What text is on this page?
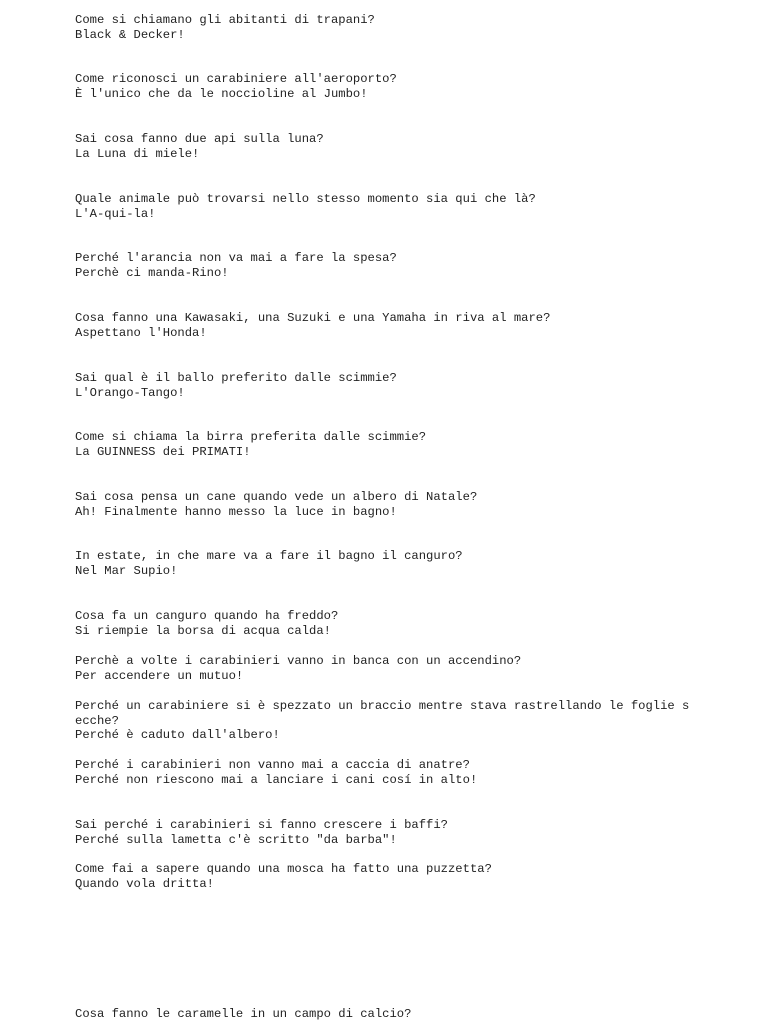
Come si chiamano gli abitanti di trapani?

Black & Decker!

Come riconosci un carabiniere all'aeroporto?

È l'unico che da le noccioline al Jumbo!

Sai cosa fanno due api sulla luna?

La Luna di miele!

Quale animale può trovarsi nello stesso momento sia qui che là?

L'A-qui-la!

Perché l'arancia non va mai a fare la spesa?

Perchè ci manda-Rino!

Cosa fanno una Kawasaki, una Suzuki e una Yamaha in riva al mare?

Aspettano l'Honda!

Sai qual è il ballo preferito dalle scimmie?

L'Orango-Tango!

Come si chiama la birra preferita dalle scimmie?

La GUINNESS dei PRIMATI!

Sai cosa pensa un cane quando vede un albero di Natale?

Ah! Finalmente hanno messo la luce in bagno!

In estate, in che mare va a fare il bagno il canguro?

Nel Mar Supio!

Cosa fa un canguro quando ha freddo?

Si riempie la borsa di acqua calda!

Perchè a volte i carabinieri vanno in banca con un accendino?

Per accendere un mutuo!

Perché un carabiniere si è spezzato un braccio mentre stava rastrellando le foglie s

ecche?

Perché è caduto dall'albero!

Perché i carabinieri non vanno mai a caccia di anatre?

Perché non riescono mai a lanciare i cani cosí in alto!

Sai perché i carabinieri si fanno crescere i baffi?

Perché sulla lametta c'è scritto "da barba"!

Come fai a sapere quando una mosca ha fatto una puzzetta?

Quando vola dritta!

Cosa fanno le caramelle in un campo di calcio?
